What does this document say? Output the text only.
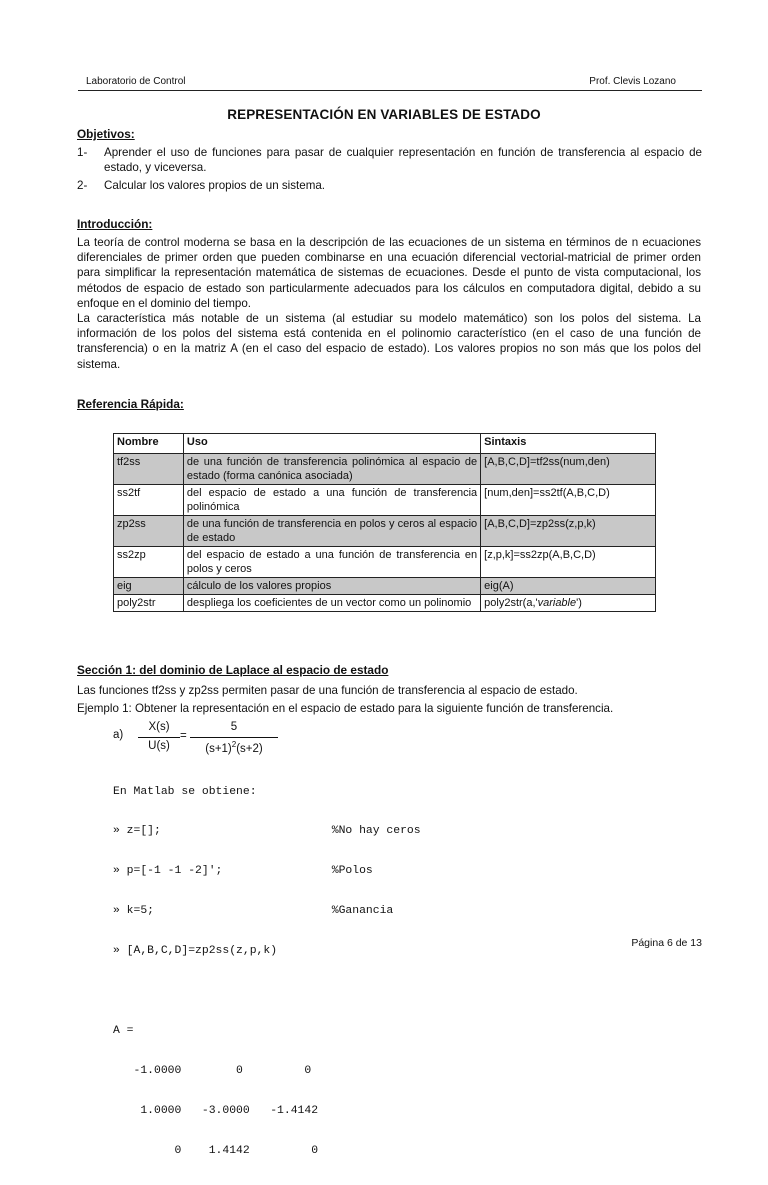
Laboratorio de Control	Prof. Clevis Lozano
REPRESENTACIÓN EN VARIABLES DE ESTADO
Objetivos:
1- Aprender el uso de funciones para pasar de cualquier representación en función de transferencia al espacio de estado, y viceversa.
2- Calcular los valores propios de un sistema.
Introducción:
La teoría de control moderna se basa en la descripción de las ecuaciones de un sistema en términos de n ecuaciones diferenciales de primer orden que pueden combinarse en una ecuación diferencial vectorial-matricial de primer orden para simplificar la representación matemática de sistemas de ecuaciones. Desde el punto de vista computacional, los métodos de espacio de estado son particularmente adecuados para los cálculos en computadora digital, debido a su enfoque en el dominio del tiempo.
La característica más notable de un sistema (al estudiar su modelo matemático) son los polos del sistema. La información de los polos del sistema está contenida en el polinomio característico (en el caso de una función de transferencia) o en la matriz A (en el caso del espacio de estado). Los valores propios no son más que los polos del sistema.
Referencia Rápida:
Nombre	Uso	Sintaxis
tf2ss	de una función de transferencia polinómica al espacio de estado (forma canónica asociada)	[A,B,C,D]=tf2ss(num,den)
ss2tf	del espacio de estado a una función de transferencia polinómica	[num,den]=ss2tf(A,B,C,D)
zp2ss	de una función de transferencia en polos y ceros al espacio de estado	[A,B,C,D]=zp2ss(z,p,k)
ss2zp	del espacio de estado a una función de transferencia en polos y ceros	[z,p,k]=ss2zp(A,B,C,D)
eig	cálculo de los valores propios	eig(A)
poly2str	despliega los coeficientes de un vector como un polinomio	poly2str(a,'variable')
Sección 1: del dominio de Laplace al espacio de estado
Las funciones tf2ss y zp2ss permiten pasar de una función de transferencia al espacio de estado.
Ejemplo 1: Obtener la representación en el espacio de estado para la siguiente función de transferencia.
a)
X(s)
U(s)
=
5
$(s+1)^2(s+2)$

En Matlab se obtiene:

» z=[];                         %No hay ceros

» p=[-1 -1 -2]';                %Polos

» k=5;                          %Ganancia

» [A,B,C,D]=zp2ss(z,p,k)

A =

-1.0000        0         0

1.0000   -3.0000   -1.4142

0    1.4142         0

Página 6 de 13
